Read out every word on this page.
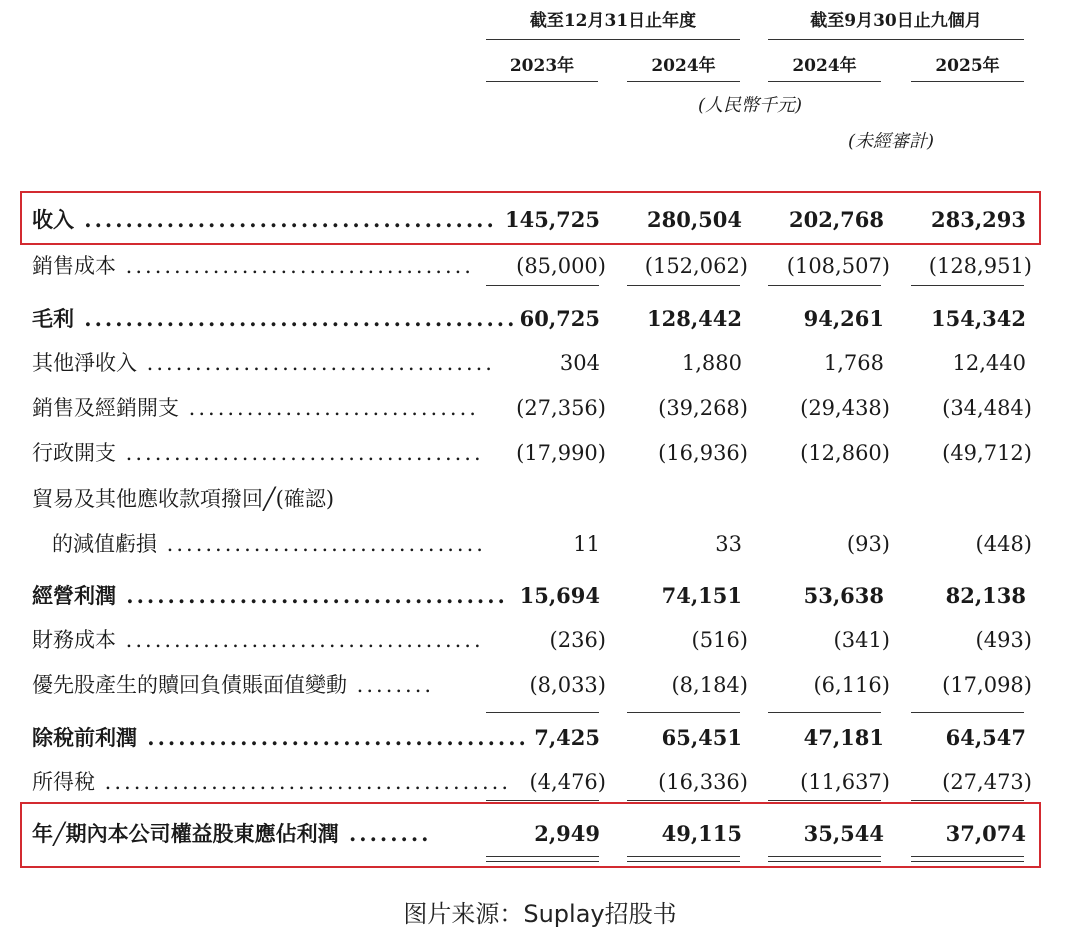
截至12月31日止年度	截至9月30日止九個月
2023年	2024年	2024年	2025年
(人民幣千元)
(未經審計)
收入 ........................................ 145,725	280,504	202,768	283,293
銷售成本 ....................................	(85,000)	(152,062)	(108,507)	(128,951)
毛利 .......................................... 60,725	128,442	94,261	154,342
其他淨收入 ....................................	304	1,880	1,768	12,440
銷售及經銷開支 ..............................	(27,356)	(39,268)	(29,438)	(34,484)
行政開支 .....................................	(17,990)	(16,936)	(12,860)	(49,712)
貿易及其他應收款項撥回╱(確認)
的減值虧損 .................................	11	33	(93)	(448)
經營利潤 ..................................... 15,694	74,151	53,638	82,138
財務成本 .....................................	(236)	(516)	(341)	(493)
優先股產生的贖回負債賬面值變動 ........	(8,033)	(8,184)	(6,116)	(17,098)
除稅前利潤 ..................................... 7,425	65,451	47,181	64,547
所得稅 .......................................... (4,476)	(16,336)	(11,637)	(27,473)
年╱期內本公司權益股東應佔利潤 ........	2,949	49,115	35,544	37,074
图片来源：Suplay招股书
